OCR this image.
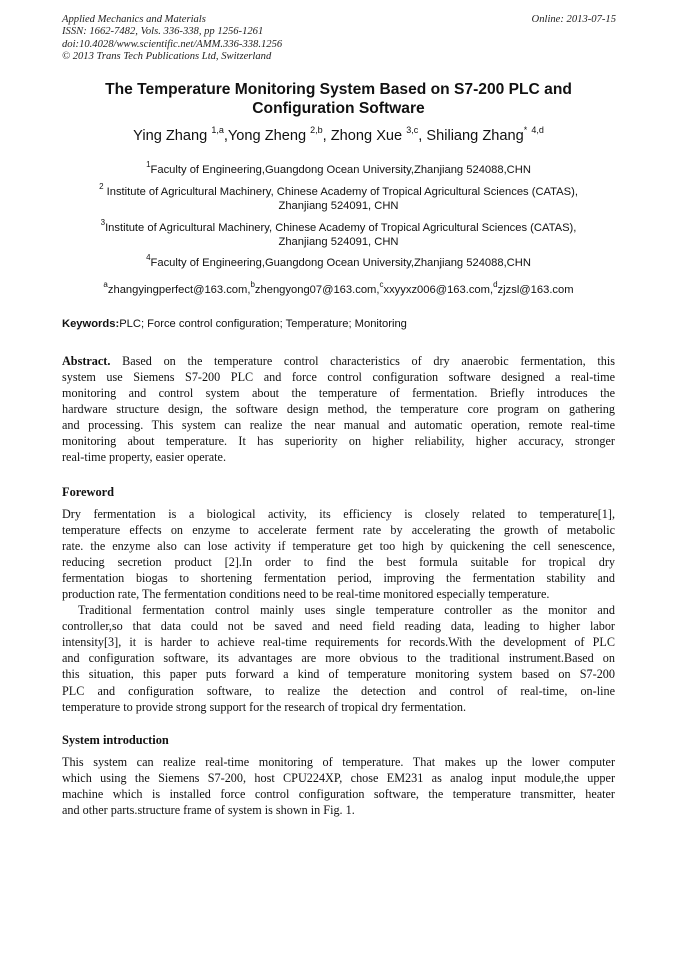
Applied Mechanics and Materials
ISSN: 1662-7482, Vols. 336-338, pp 1256-1261
doi:10.4028/www.scientific.net/AMM.336-338.1256
© 2013 Trans Tech Publications Ltd, Switzerland
Online: 2013-07-15
The Temperature Monitoring System Based on S7-200 PLC and
Configuration Software
Ying Zhang $^{1,a}$,Yong Zheng $^{2,b}$, Zhong Xue $^{3,c}$, Shiliang Zhang* $^{4,d}$
$^1$Faculty of Engineering,Guangdong Ocean University,Zhanjiang 524088,CHN
$^2$ Institute of Agricultural Machinery, Chinese Academy of Tropical Agricultural Sciences (CATAS),
Zhanjiang 524091, CHN
$^3$Institute of Agricultural Machinery, Chinese Academy of Tropical Agricultural Sciences (CATAS),
Zhanjiang 524091, CHN
$^4$Faculty of Engineering,Guangdong Ocean University,Zhanjiang 524088,CHN
$^a$zhangyingperfect@163.com,$^b$zhengyong07@163.com,$^c$xxyyxz006@163.com,$^d$zjzsl@163.com
Keywords:PLC; Force control configuration; Temperature; Monitoring
Abstract. Based on the temperature control characteristics of dry anaerobic fermentation, this
system use Siemens S7-200 PLC and force control configuration software designed a real-time
monitoring and control system about the temperature of fermentation. Briefly introduces the
hardware structure design, the software design method, the temperature core program on gathering
and processing. This system can realize the near manual and automatic operation, remote real-time
monitoring about temperature. It has superiority on higher reliability, higher accuracy, stronger
real-time property, easier operate.
Foreword
Dry fermentation is a biological activity, its efficiency is closely related to temperature[1],
temperature effects on enzyme to accelerate ferment rate by accelerating the growth of metabolic
rate. the enzyme also can lose activity if temperature get too high by quickening the cell senescence,
reducing secretion product [2].In order to find the best formula suitable for tropical dry
fermentation biogas to shortening fermentation period, improving the fermentation stability and
production rate, The fermentation conditions need to be real-time monitored especially temperature.
Traditional fermentation control mainly uses single temperature controller as the monitor and
controller,so that data could not be saved and need field reading data, leading to higher labor
intensity[3], it is harder to achieve real-time requirements for records.With the development of PLC
and configuration software, its advantages are more obvious to the traditional instrument.Based on
this situation, this paper puts forward a kind of temperature monitoring system based on S7-200
PLC and configuration software, to realize the detection and control of real-time, on-line
temperature to provide strong support for the research of tropical dry fermentation.
System introduction
This system can realize real-time monitoring of temperature. That makes up the lower computer
which using the Siemens S7-200, host CPU224XP, chose EM231 as analog input module,the upper
machine which is installed force control configuration software, the temperature transmitter, heater
and other parts.structure frame of system is shown in Fig. 1.
